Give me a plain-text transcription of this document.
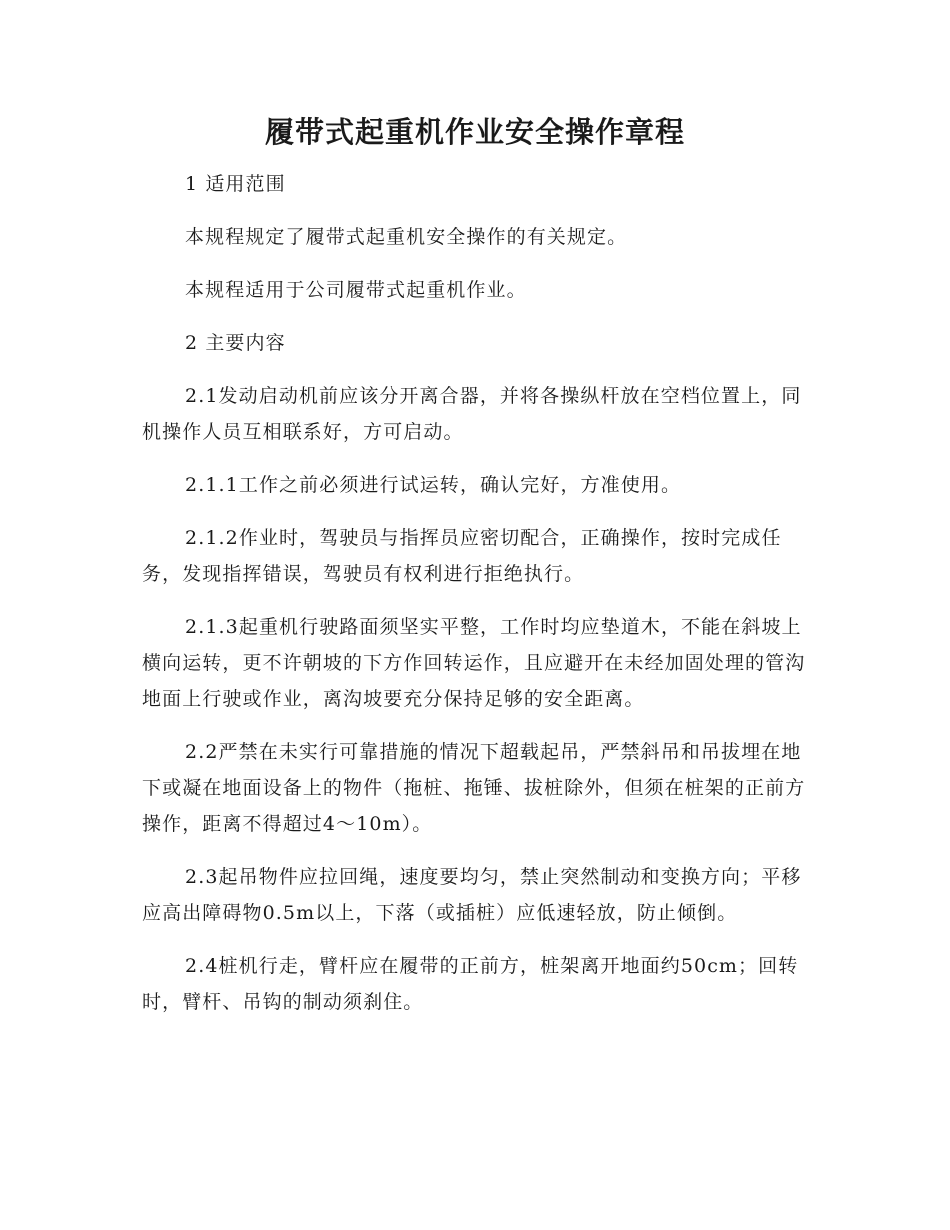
履带式起重机作业安全操作章程

1 适用范围

本规程规定了履带式起重机安全操作的有关规定。

本规程适用于公司履带式起重机作业。

2 主要内容

2.1发动启动机前应该分开离合器，并将各操纵杆放在空档位置上，同机操作人员互相联系好，方可启动。

2.1.1工作之前必须进行试运转，确认完好，方准使用。

2.1.2作业时，驾驶员与指挥员应密切配合，正确操作，按时完成任务，发现指挥错误，驾驶员有权利进行拒绝执行。

2.1.3起重机行驶路面须坚实平整，工作时均应垫道木，不能在斜坡上横向运转，更不许朝坡的下方作回转运作，且应避开在未经加固处理的管沟地面上行驶或作业，离沟坡要充分保持足够的安全距离。

2.2严禁在未实行可靠措施的情况下超载起吊，严禁斜吊和吊拔埋在地下或凝在地面设备上的物件（拖桩、拖锤、拔桩除外，但须在桩架的正前方操作，距离不得超过4～10m）。

2.3起吊物件应拉回绳，速度要均匀，禁止突然制动和变换方向；平移应高出障碍物0.5m以上，下落（或插桩）应低速轻放，防止倾倒。

2.4桩机行走，臂杆应在履带的正前方，桩架离开地面约50cm；回转时，臂杆、吊钩的制动须刹住。
